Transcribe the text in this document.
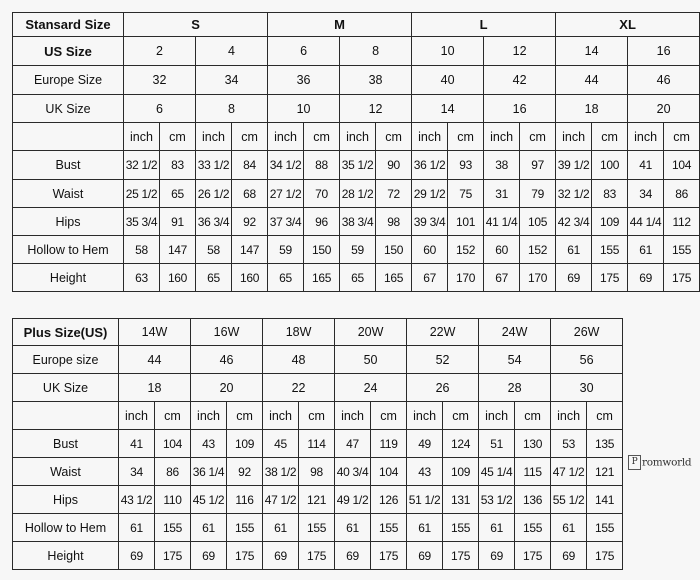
Stansard Size	S				M				L				XL			
US Size	2		4		6		8		10		12		14		16	
Europe Size	32		34		36		38		40		42		44		46	
UK Size	6		8		10		12		14		16		18		20	
	inch	cm	inch	cm	inch	cm	inch	cm	inch	cm	inch	cm	inch	cm	inch	cm
Bust	32 1/2	83	33 1/2	84	34 1/2	88	35 1/2	90	36 1/2	93	38	97	39 1/2	100	41	104
Waist	25 1/2	65	26 1/2	68	27 1/2	70	28 1/2	72	29 1/2	75	31	79	32 1/2	83	34	86
Hips	35 3/4	91	36 3/4	92	37 3/4	96	38 3/4	98	39 3/4	101	41 1/4	105	42 3/4	109	44 1/4	112
Hollow to Hem	58	147	58	147	59	150	59	150	60	152	60	152	61	155	61	155
Height	63	160	65	160	65	165	65	165	67	170	67	170	69	175	69	175
Plus Size(US)	14W		16W		18W		20W		22W		24W		26W	
Europe size	44		46		48		50		52		54		56	
UK Size	18		20		22		24		26		28		30	
	inch	cm	inch	cm	inch	cm	inch	cm	inch	cm	inch	cm	inch	cm
Bust	41	104	43	109	45	114	47	119	49	124	51	130	53	135
Waist	34	86	36 1/4	92	38 1/2	98	40 3/4	104	43	109	45 1/4	115	47 1/2	121
Hips	43 1/2	110	45 1/2	116	47 1/2	121	49 1/2	126	51 1/2	131	53 1/2	136	55 1/2	141
Hollow to Hem	61	155	61	155	61	155	61	155	61	155	61	155	61	155
Height	69	175	69	175	69	175	69	175	69	175	69	175	69	175
P romworld
